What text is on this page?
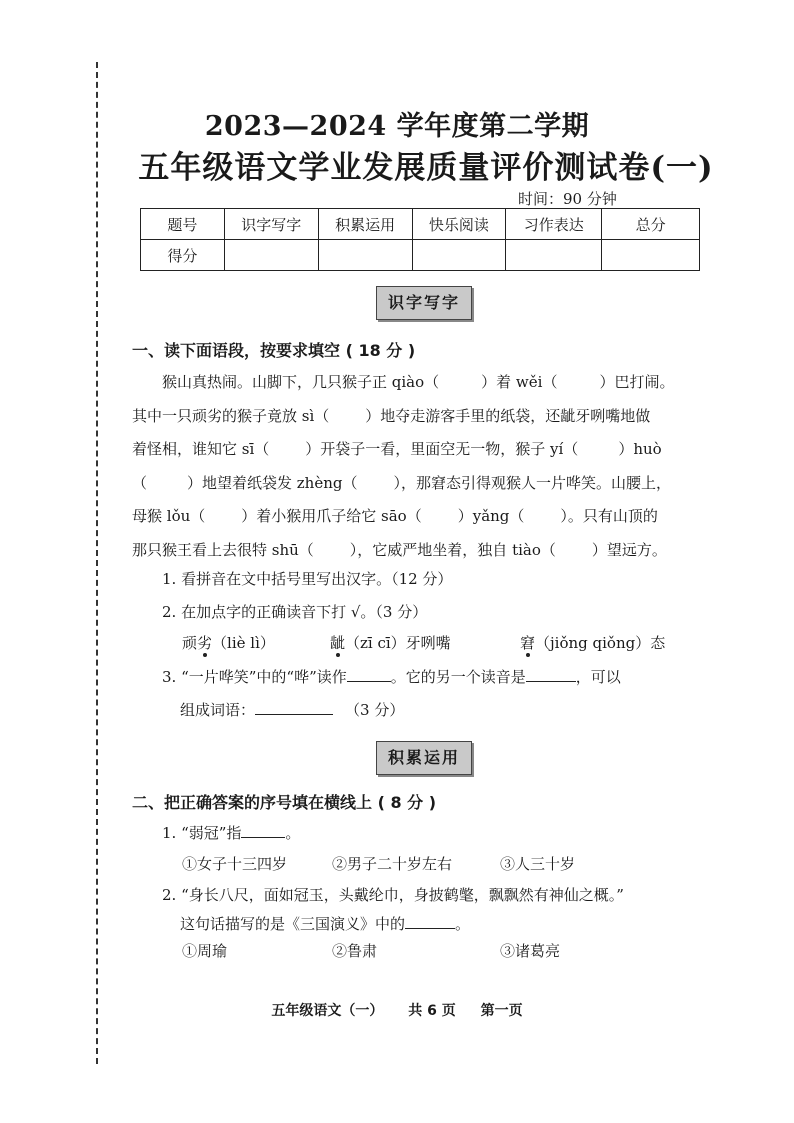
2023—2024 学年度第二学期
五年级语文学业发展质量评价测试卷(一)
时间：90 分钟
题号	识字写字	积累运用	快乐阅读	习作表达	总分
得分					
识字写字
一、读下面语段，按要求填空 ( 18 分 )
猴山真热闹。山脚下，几只猴子正 qiào（	）着 wěi（	）巴打闹。
其中一只顽劣的猴子竟放 sì（ ）地夺走游客手里的纸袋，还龇牙咧嘴地做
着怪相，谁知它 sī（ ）开袋子一看，里面空无一物，猴子 yí（	）huò
（	）地望着纸袋发 zhèng（ ），那窘态引得观猴人一片哗笑。山腰上，
母猴 lǒu（ ）着小猴用爪子给它 sāo（ ）yǎng（ ）。只有山顶的
那只猴王看上去很特 shū（ ），它威严地坐着，独自 tiào（ ）望远方。
1. 看拼音在文中括号里写出汉字。（12 分）
2. 在加点字的正确读音下打 √。（3 分）
顽劣（liè lì）	龇（zī cī）牙咧嘴	窘（jiǒng qiǒng）态
3. “一片哗笑”中的“哗”读作	。它的另一个读音是	，可以
组成词语：	（3 分）
积累运用
二、把正确答案的序号填在横线上 ( 8 分 )
1. “弱冠”指	。
①女子十三四岁	②男子二十岁左右	③人三十岁
2. “身长八尺，面如冠玉，头戴纶巾，身披鹤氅，飘飘然有神仙之概。”
这句话描写的是《三国演义》中的	。
①周瑜	②鲁肃	③诸葛亮
五年级语文（一） 共 6 页 第一页
